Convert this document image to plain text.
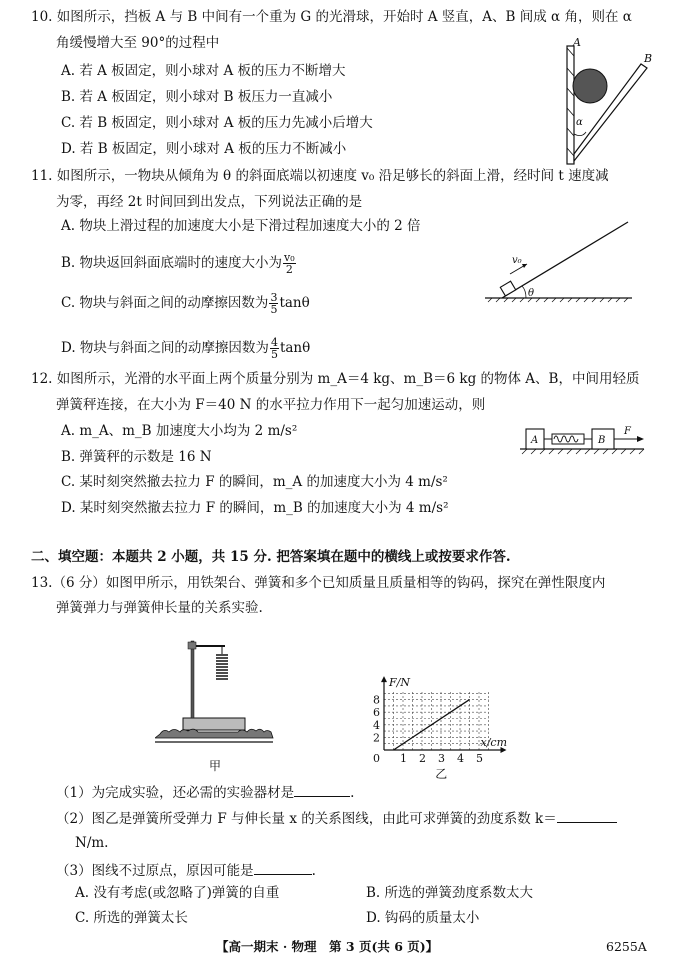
10. 如图所示，挡板 A 与 B 中间有一个重为 G 的光滑球，开始时 A 竖直，A、B 间成 α 角，则在 α
角缓慢增大至 90°的过程中
A. 若 A 板固定，则小球对 A 板的压力不断增大
B. 若 A 板固定，则小球对 B 板压力一直减小
C. 若 B 板固定，则小球对 A 板的压力先减小后增大
D. 若 B 板固定，则小球对 A 板的压力不断减小
A
B
α
11. 如图所示，一物块从倾角为 θ 的斜面底端以初速度 v₀ 沿足够长的斜面上滑，经时间 t 速度减
为零，再经 2t 时间回到出发点，下列说法正确的是
A. 物块上滑过程的加速度大小是下滑过程加速度大小的 2 倍
B. 物块返回斜面底端时的速度大小为 $\frac{\text{v₀}}{2}$
C. 物块与斜面之间的动摩擦因数为 $\frac{3}{5}$ tanθ
D. 物块与斜面之间的动摩擦因数为 $\frac{4}{5}$ tanθ
v₀
θ
12. 如图所示，光滑的水平面上两个质量分别为 m_A＝4 kg、m_B＝6 kg 的物体 A、B，中间用轻质
弹簧秤连接，在大小为 F＝40 N 的水平拉力作用下一起匀加速运动，则
A. m_A、m_B 加速度大小均为 2 m/s²
B. 弹簧秤的示数是 16 N
C. 某时刻突然撤去拉力 F 的瞬间，m_A 的加速度大小为 4 m/s²
D. 某时刻突然撤去拉力 F 的瞬间，m_B 的加速度大小为 4 m/s²
A	B
F
二、填空题：本题共 2 小题，共 15 分. 把答案填在题中的横线上或按要求作答.
13.（6 分）如图甲所示，用铁架台、弹簧和多个已知质量且质量相等的钩码，探究在弹性限度内
弹簧弹力与弹簧伸长量的关系实验.
甲
1 2 3 4 5
2
4
6
8
x/cm
F/N
0
乙
（1）为完成实验，还必需的实验器材是	.
（2）图乙是弹簧所受弹力 F 与伸长量 x 的关系图线，由此可求弹簧的劲度系数 k＝
N/m.
（3）图线不过原点，原因可能是	.
A. 没有考虑(或忽略了)弹簧的自重	B. 所选的弹簧劲度系数太大
C. 所选的弹簧太长	D. 钩码的质量太小
【高一期末 · 物理　第 3 页(共 6 页)】	6255A
